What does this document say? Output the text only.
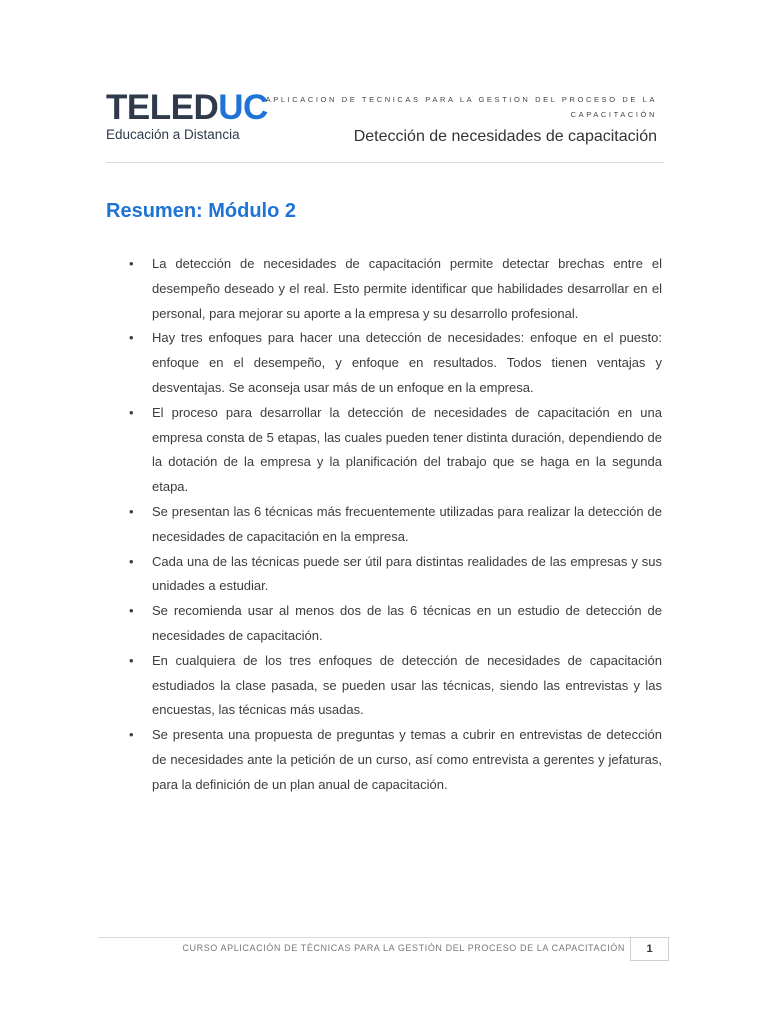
TELEDUC
Educación a Distancia
APLICACION DE TECNICAS PARA LA GESTION DEL PROCESO DE LA CAPACITACIÓN
Detección de necesidades de capacitación
Resumen: Módulo 2
• La detección de necesidades de capacitación permite detectar brechas entre el desempeño deseado y el real. Esto permite identificar que habilidades desarrollar en el personal, para mejorar su aporte a la empresa y su desarrollo profesional.
• Hay tres enfoques para hacer una detección de necesidades: enfoque en el puesto: enfoque en el desempeño, y enfoque en resultados. Todos tienen ventajas y desventajas. Se aconseja usar más de un enfoque en la empresa.
• El proceso para desarrollar la detección de necesidades de capacitación en una empresa consta de 5 etapas, las cuales pueden tener distinta duración, dependiendo de la dotación de la empresa y la planificación del trabajo que se haga en la segunda etapa.
• Se presentan las 6 técnicas más frecuentemente utilizadas para realizar la detección de necesidades de capacitación en la empresa.
• Cada una de las técnicas puede ser útil para distintas realidades de las empresas y sus unidades a estudiar.
• Se recomienda usar al menos dos de las 6 técnicas en un estudio de detección de necesidades de capacitación.
• En cualquiera de los tres enfoques de detección de necesidades de capacitación estudiados la clase pasada, se pueden usar las técnicas, siendo las entrevistas y las encuestas, las técnicas más usadas.
• Se presenta una propuesta de preguntas y temas a cubrir en entrevistas de detección de necesidades ante la petición de un curso, así como entrevista a gerentes y jefaturas, para la definición de un plan anual de capacitación.
CURSO APLICACIÓN DE TÉCNICAS PARA LA GESTIÓN DEL PROCESO DE LA CAPACITACIÓN	1
